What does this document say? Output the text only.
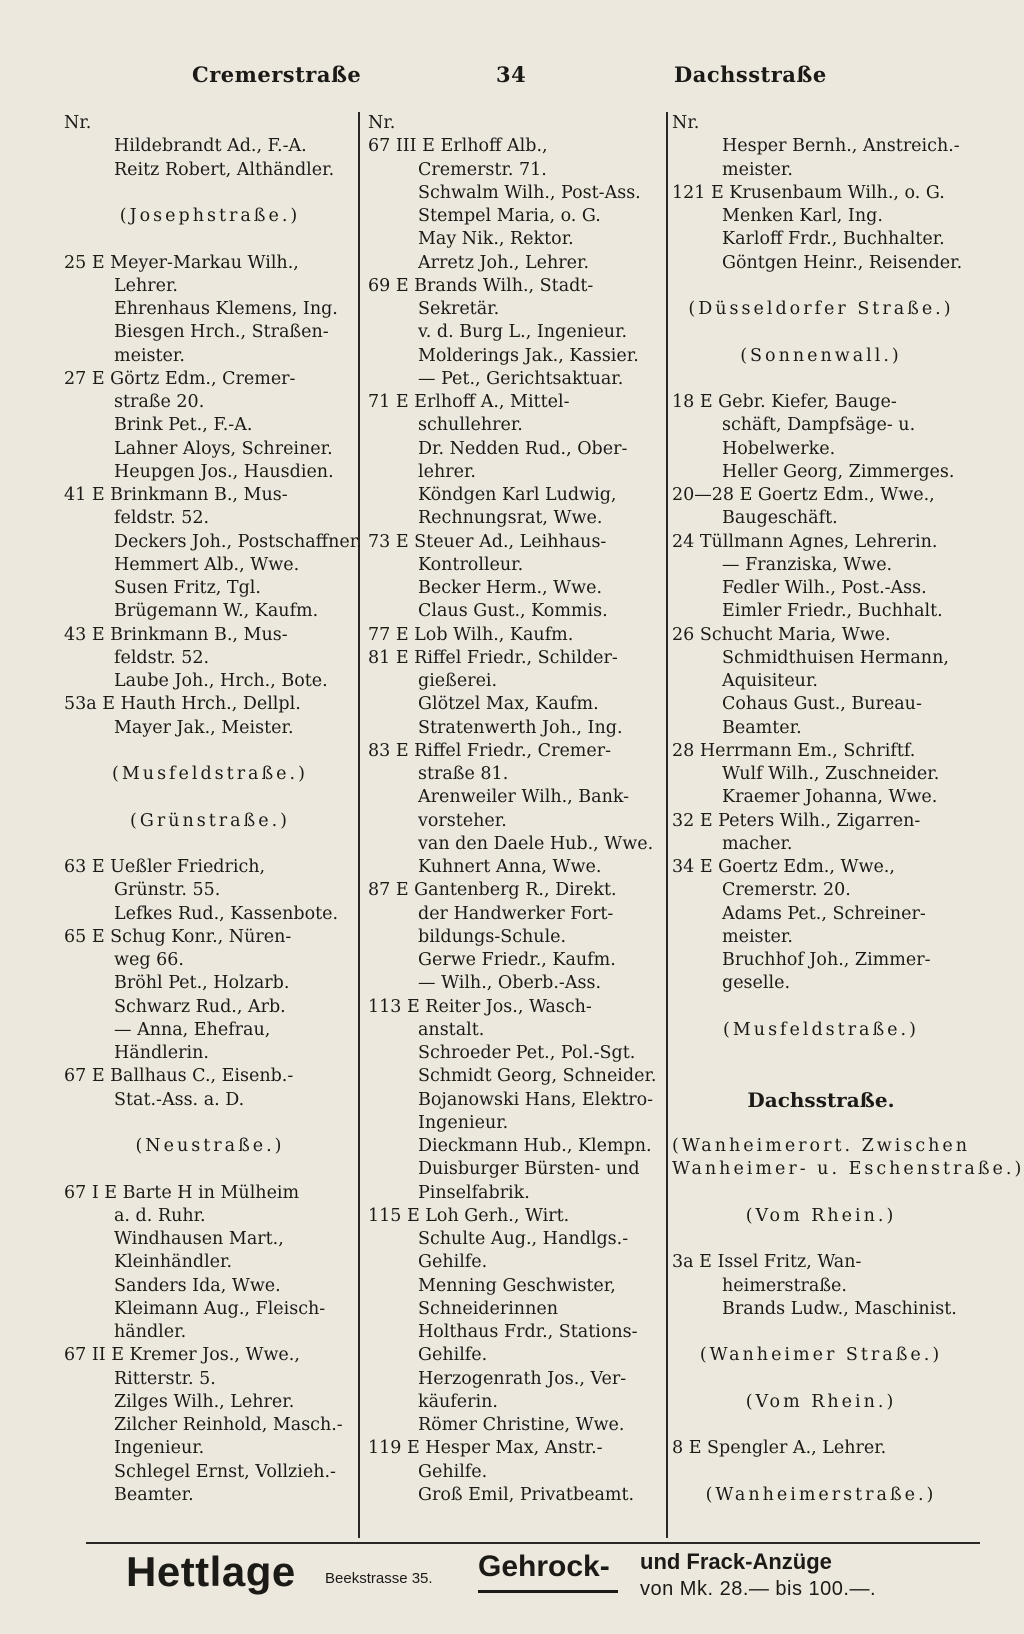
Cremerstraße	34	Dachsstraße
Nr.
Hildebrandt Ad., F.-A.
Reitz Robert, Althändler.
(Josephstraße.)
25 E Meyer-Markau Wilh.,
Lehrer.
Ehrenhaus Klemens, Ing.
Biesgen Hrch., Straßen-
meister.
27 E Görtz Edm., Cremer-
straße 20.
Brink Pet., F.-A.
Lahner Aloys, Schreiner.
Heupgen Jos., Hausdien.
41 E Brinkmann B., Mus-
feldstr. 52.
Deckers Joh., Postschaffner.
Hemmert Alb., Wwe.
Susen Fritz, Tgl.
Brügemann W., Kaufm.
43 E Brinkmann B., Mus-
feldstr. 52.
Laube Joh., Hrch., Bote.
53a E Hauth Hrch., Dellpl.
Mayer Jak., Meister.
(Musfeldstraße.)
(Grünstraße.)
63 E Ueßler Friedrich,
Grünstr. 55.
Lefkes Rud., Kassenbote.
65 E Schug Konr., Nüren-
weg 66.
Bröhl Pet., Holzarb.
Schwarz Rud., Arb.
— Anna, Ehefrau,
Händlerin.
67 E Ballhaus C., Eisenb.-
Stat.-Ass. a. D.
(Neustraße.)
67 I E Barte H in Mülheim
a. d. Ruhr.
Windhausen Mart.,
Kleinhändler.
Sanders Ida, Wwe.
Kleimann Aug., Fleisch-
händler.
67 II E Kremer Jos., Wwe.,
Ritterstr. 5.
Zilges Wilh., Lehrer.
Zilcher Reinhold, Masch.-
Ingenieur.
Schlegel Ernst, Vollzieh.-
Beamter.
Nr.
67 III E Erlhoff Alb.,
Cremerstr. 71.
Schwalm Wilh., Post-Ass.
Stempel Maria, o. G.
May Nik., Rektor.
Arretz Joh., Lehrer.
69 E Brands Wilh., Stadt-
Sekretär.
v. d. Burg L., Ingenieur.
Molderings Jak., Kassier.
— Pet., Gerichtsaktuar.
71 E Erlhoff A., Mittel-
schullehrer.
Dr. Nedden Rud., Ober-
lehrer.
Köndgen Karl Ludwig,
Rechnungsrat, Wwe.
73 E Steuer Ad., Leihhaus-
Kontrolleur.
Becker Herm., Wwe.
Claus Gust., Kommis.
77 E Lob Wilh., Kaufm.
81 E Riffel Friedr., Schilder-
gießerei.
Glötzel Max, Kaufm.
Stratenwerth Joh., Ing.
83 E Riffel Friedr., Cremer-
straße 81.
Arenweiler Wilh., Bank-
vorsteher.
van den Daele Hub., Wwe.
Kuhnert Anna, Wwe.
87 E Gantenberg R., Direkt.
der Handwerker Fort-
bildungs-Schule.
Gerwe Friedr., Kaufm.
— Wilh., Oberb.-Ass.
113 E Reiter Jos., Wasch-
anstalt.
Schroeder Pet., Pol.-Sgt.
Schmidt Georg, Schneider.
Bojanowski Hans, Elektro-
Ingenieur.
Dieckmann Hub., Klempn.
Duisburger Bürsten- und
Pinselfabrik.
115 E Loh Gerh., Wirt.
Schulte Aug., Handlgs.-
Gehilfe.
Menning Geschwister,
Schneiderinnen
Holthaus Frdr., Stations-
Gehilfe.
Herzogenrath Jos., Ver-
käuferin.
Römer Christine, Wwe.
119 E Hesper Max, Anstr.-
Gehilfe.
Groß Emil, Privatbeamt.
Nr.
Hesper Bernh., Anstreich.-
meister.
121 E Krusenbaum Wilh., o. G.
Menken Karl, Ing.
Karloff Frdr., Buchhalter.
Göntgen Heinr., Reisender.
(Düsseldorfer Straße.)
(Sonnenwall.)
18 E Gebr. Kiefer, Bauge-
schäft, Dampfsäge- u.
Hobelwerke.
Heller Georg, Zimmerges.
20—28 E Goertz Edm., Wwe.,
Baugeschäft.
24 Tüllmann Agnes, Lehrerin.
— Franziska, Wwe.
Fedler Wilh., Post.-Ass.
Eimler Friedr., Buchhalt.
26 Schucht Maria, Wwe.
Schmidthuisen Hermann,
Aquisiteur.
Cohaus Gust., Bureau-
Beamter.
28 Herrmann Em., Schriftf.
Wulf Wilh., Zuschneider.
Kraemer Johanna, Wwe.
32 E Peters Wilh., Zigarren-
macher.
34 E Goertz Edm., Wwe.,
Cremerstr. 20.
Adams Pet., Schreiner-
meister.
Bruchhof Joh., Zimmer-
geselle.
(Musfeldstraße.)
Dachsstraße.
(Wanheimerort. Zwischen
Wanheimer- u. Eschenstraße.)
(Vom Rhein.)
3a E Issel Fritz, Wan-
heimerstraße.
Brands Ludw., Maschinist.
(Wanheimer Straße.)
(Vom Rhein.)
8 E Spengler A., Lehrer.
(Wanheimerstraße.)
Hettlage Beekstrasse 35. Gehrock- und Frack-Anzüge
von Mk. 28.— bis 100.—.
